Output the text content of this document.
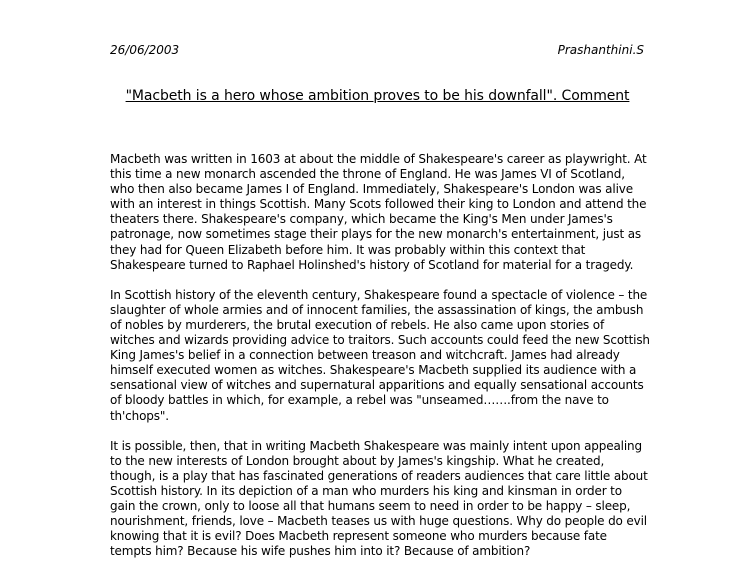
26/06/2003	Prashanthini.S
"Macbeth is a hero whose ambition proves to be his downfall". Comment

Macbeth was written in 1603 at about the middle of Shakespeare's career as playwright. At this time a new monarch ascended the throne of England. He was James VI of Scotland, who then also became James I of England. Immediately, Shakespeare's London was alive with an interest in things Scottish. Many Scots followed their king to London and attend the theaters there. Shakespeare's company, which became the King's Men under James's patronage, now sometimes stage their plays for the new monarch's entertainment, just as they had for Queen Elizabeth before him. It was probably within this context that Shakespeare turned to Raphael Holinshed's history of Scotland for material for a tragedy.

In Scottish history of the eleventh century, Shakespeare found a spectacle of violence – the slaughter of whole armies and of innocent families, the assassination of kings, the ambush of nobles by murderers, the brutal execution of rebels. He also came upon stories of witches and wizards providing advice to traitors. Such accounts could feed the new Scottish King James's belief in a connection between treason and witchcraft. James had already himself executed women as witches. Shakespeare's Macbeth supplied its audience with a sensational view of witches and supernatural apparitions and equally sensational accounts of bloody battles in which, for example, a rebel was "unseamed…….from the nave to th'chops".

It is possible, then, that in writing Macbeth Shakespeare was mainly intent upon appealing to the new interests of London brought about by James's kingship. What he created, though, is a play that has fascinated generations of readers audiences that care little about Scottish history. In its depiction of a man who murders his king and kinsman in order to gain the crown, only to loose all that humans seem to need in order to be happy – sleep, nourishment, friends, love – Macbeth teases us with huge questions. Why do people do evil knowing that it is evil? Does Macbeth represent someone who murders because fate tempts him? Because his wife pushes him into it? Because of ambition?
